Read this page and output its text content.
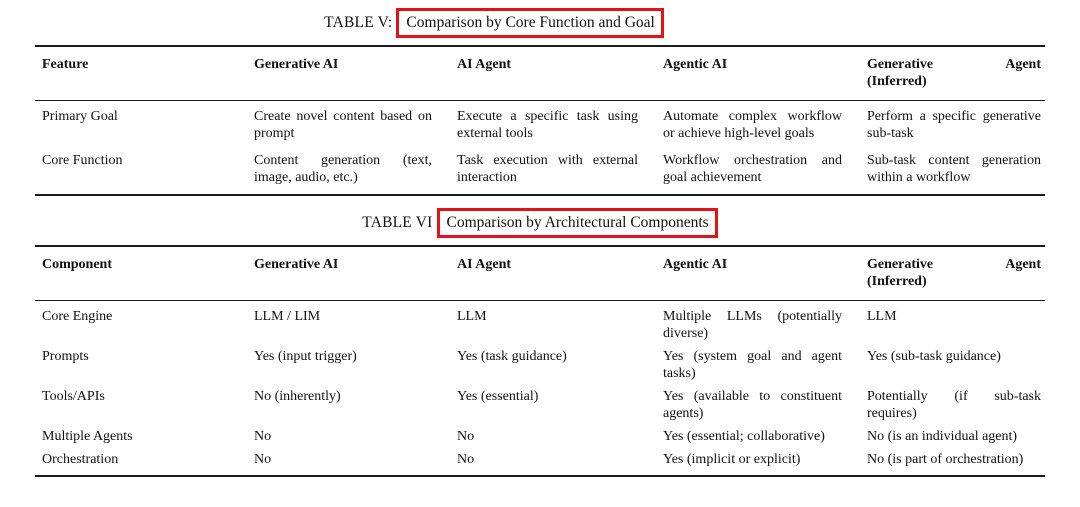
TABLE V: Comparison by Core Function and Goal
Feature	Generative AI	AI Agent	Agentic AI	Generative Agent
(Inferred)

Primary Goal	Create novel content based on prompt	Execute a specific task using external tools	Automate complex workflow or achieve high-level goals	Perform a specific generative sub-task
Core Function	Content generation (text, image, audio, etc.)	Task execution with external interaction	Workflow orchestration and goal achievement	Sub-task content generation within a workflow
TABLE VI Comparison by Architectural Components
Component	Generative AI	AI Agent	Agentic AI	Generative Agent
(Inferred)

Core Engine	LLM / LIM	LLM	Multiple LLMs (potentially diverse)	LLM
Prompts	Yes (input trigger)	Yes (task guidance)	Yes (system goal and agent tasks)	Yes (sub-task guidance)
Tools/APIs	No (inherently)	Yes (essential)	Yes (available to constituent agents)	Potentially (if sub-task requires)
Multiple Agents	No	No	Yes (essential; collaborative)	No (is an individual agent)
Orchestration	No	No	Yes (implicit or explicit)	No (is part of orchestration)
